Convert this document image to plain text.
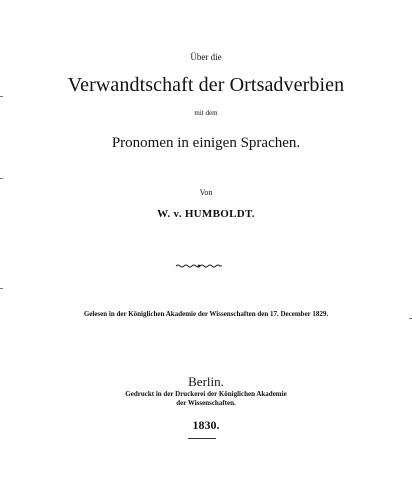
Über die
Verwandtschaft der Ortsadverbien
mit dem
Pronomen in einigen Sprachen.
Von
W. v. HUMBOLDT.
Gelesen in der Königlichen Akademie der Wissenschaften den 17. December 1829.
Berlin.
Gedruckt in der Druckerei der Königlichen Akademie
der Wissenschaften.
1830.
